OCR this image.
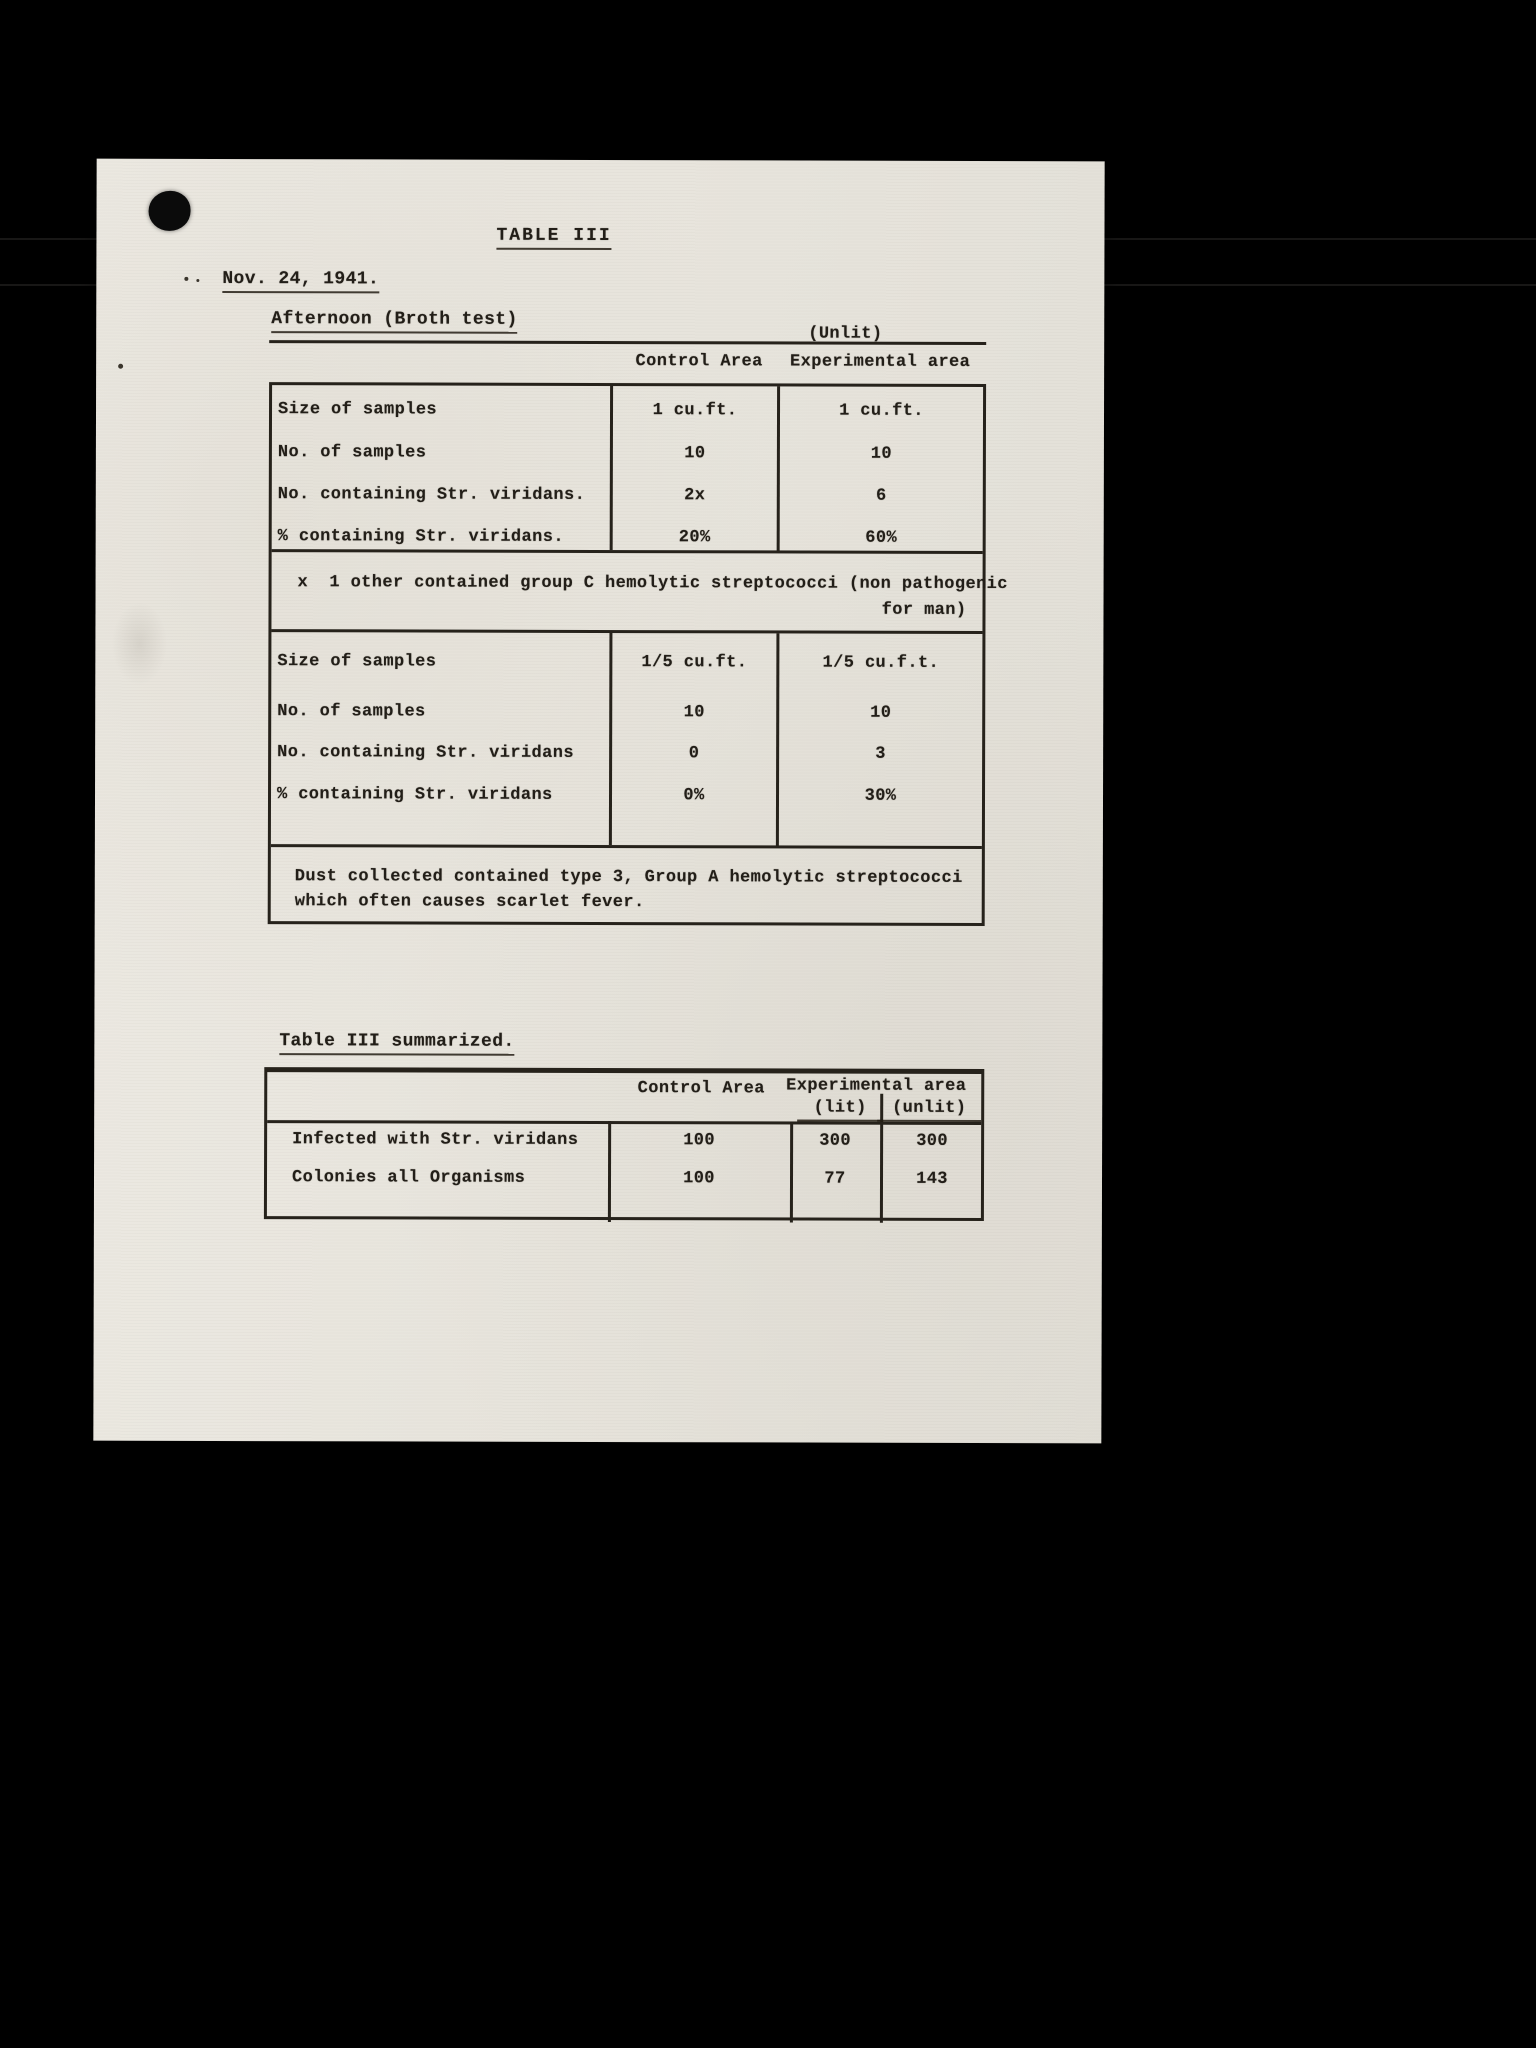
TABLE III
Nov. 24, 1941.
Afternoon (Broth test)
(Unlit)
Control Area	Experimental area
Size of samples	1 cu.ft.	1 cu.ft.
No. of samples	10	10
No. containing Str. viridans.	2x	6
% containing Str. viridans.	20%	60%
x  1 other contained group C hemolytic streptococci (non pathogenic
for man)
Size of samples	1/5 cu.ft.	1/5 cu.f.t.
No. of samples	10	10
No. containing Str. viridans	0	3
% containing Str. viridans	0%	30%
Dust collected contained type 3, Group A hemolytic streptococci
which often causes scarlet fever.
Table III summarized.
Control Area	Experimental area
(lit)	(unlit)
Infected with Str. viridans	100	300	300
Colonies all Organisms	100	77	143
